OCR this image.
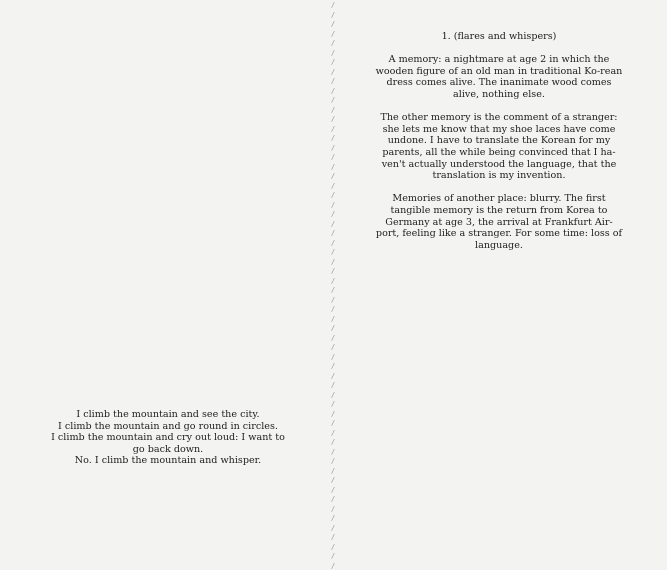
I climb the mountain and see the city.
I climb the mountain and go round in circles.
I climb the mountain and cry out loud: I want to
go back down.
No. I climb the mountain and whisper.
/
/
/
/
/
/
/
/
/
/
/
/
/
/
/
/
/
/
/
/
/
/
/
/
/
/
/
/
/
/
/
/
/
/
/
/
/
/
/
/
/
/
/
/
/
/
/
/
/
/
/
/
/
/
/
/
/
/
/
/
1. (flares and whispers)

A memory: a nightmare at age 2 in which the wooden figure of an old man in traditional Ko-rean dress comes alive. The inanimate wood comes alive, nothing else.

The other memory is the comment of a stranger: she lets me know that my shoe laces have come undone. I have to translate the Korean for my parents, all the while being convinced that I ha-ven't actually understood the language, that the translation is my invention.

Memories of another place: blurry. The first tangible memory is the return from Korea to Germany at age 3, the arrival at Frankfurt Air-port, feeling like a stranger. For some time: loss of language.
